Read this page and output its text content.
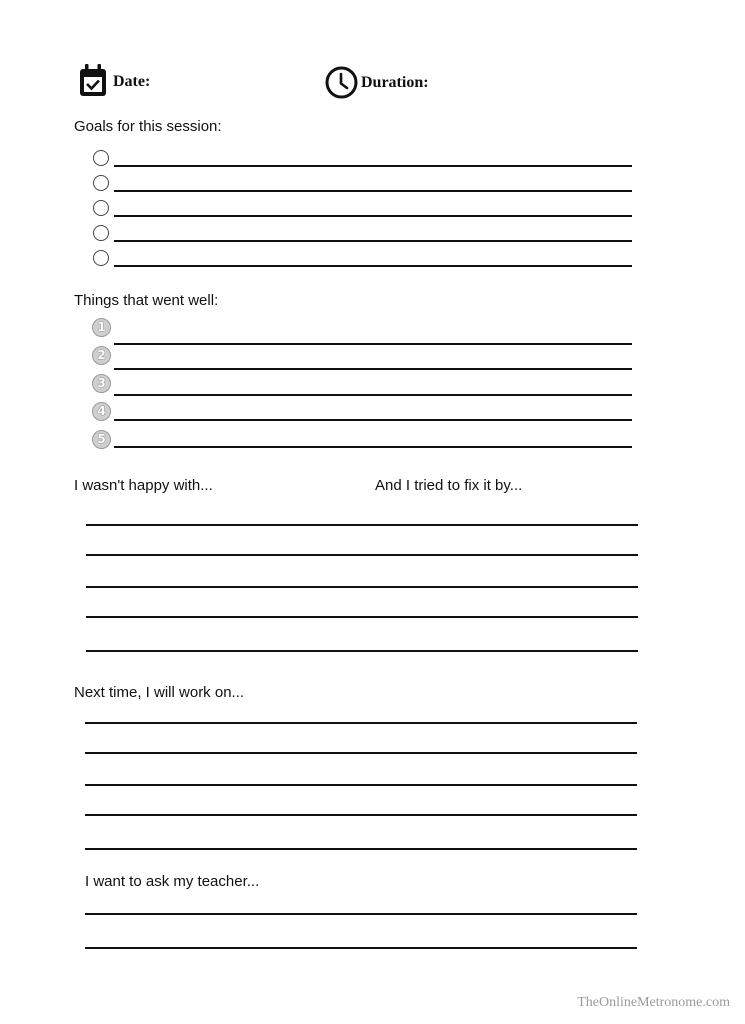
Date:	Duration:
Goals for this session:
Things that went well:
1
2
3
4
5
I wasn't happy with...	And I tried to fix it by...
Next time, I will work on...
I want to ask my teacher...
TheOnlineMetronome.com
